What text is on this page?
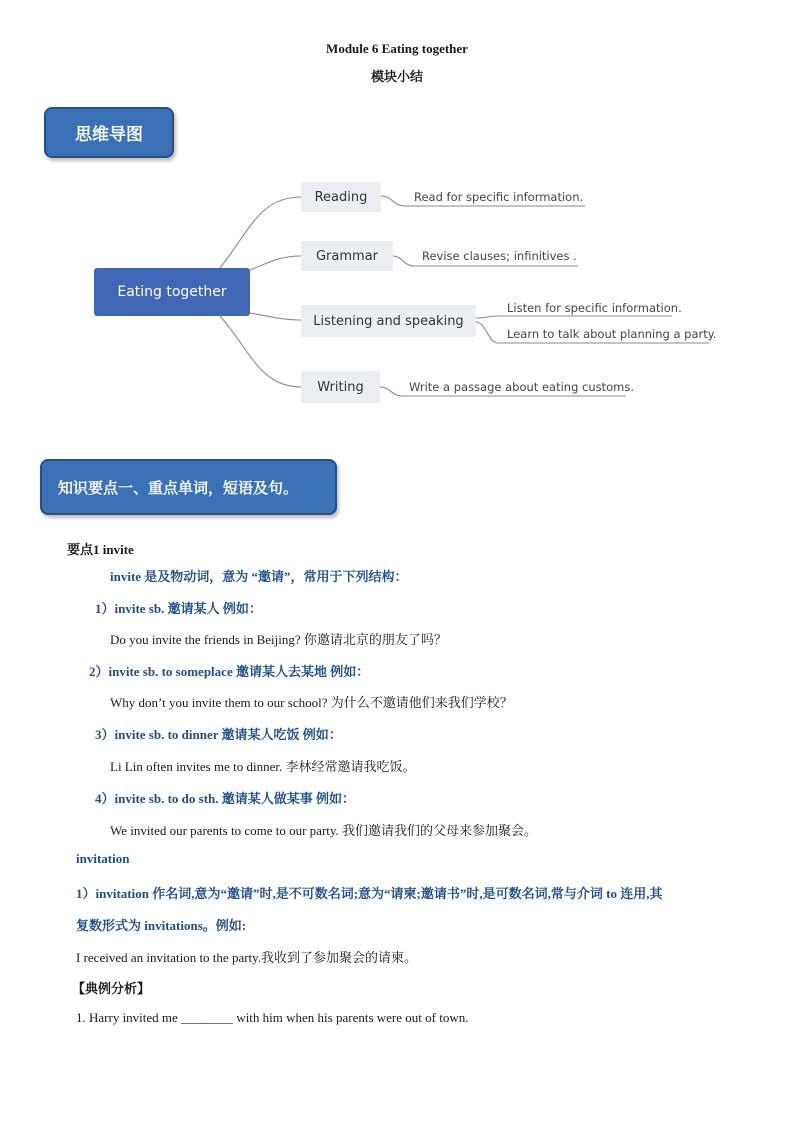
Module 6 Eating together
模块小结
思维导图
Eating together
Reading
Grammar
Listening and speaking
Writing
Read for specific information.
Revise clauses; infinitives .
Listen for specific information.
Learn to talk about planning a party.
Write a passage about eating customs.
知识要点一、重点单词，短语及句。
要点1 invite
invite 是及物动词，意为 “邀请”，常用于下列结构：
1）invite sb. 邀请某人 例如：
Do you invite the friends in Beijing? 你邀请北京的朋友了吗？
2）invite sb. to someplace 邀请某人去某地 例如：
Why don’t you invite them to our school? 为什么不邀请他们来我们学校？
3）invite sb. to dinner 邀请某人吃饭 例如：
Li Lin often invites me to dinner. 李林经常邀请我吃饭。
4）invite sb. to do sth. 邀请某人做某事 例如：
We invited our parents to come to our party. 我们邀请我们的父母来参加聚会。
invitation
1）invitation 作名词,意为“邀请”时,是不可数名词;意为“请柬;邀请书”时,是可数名词,常与介词 to 连用,其
复数形式为 invitations。例如:
I received an invitation to the party.我收到了参加聚会的请柬。
【典例分析】
1. Harry invited me ________ with him when his parents were out of town.
